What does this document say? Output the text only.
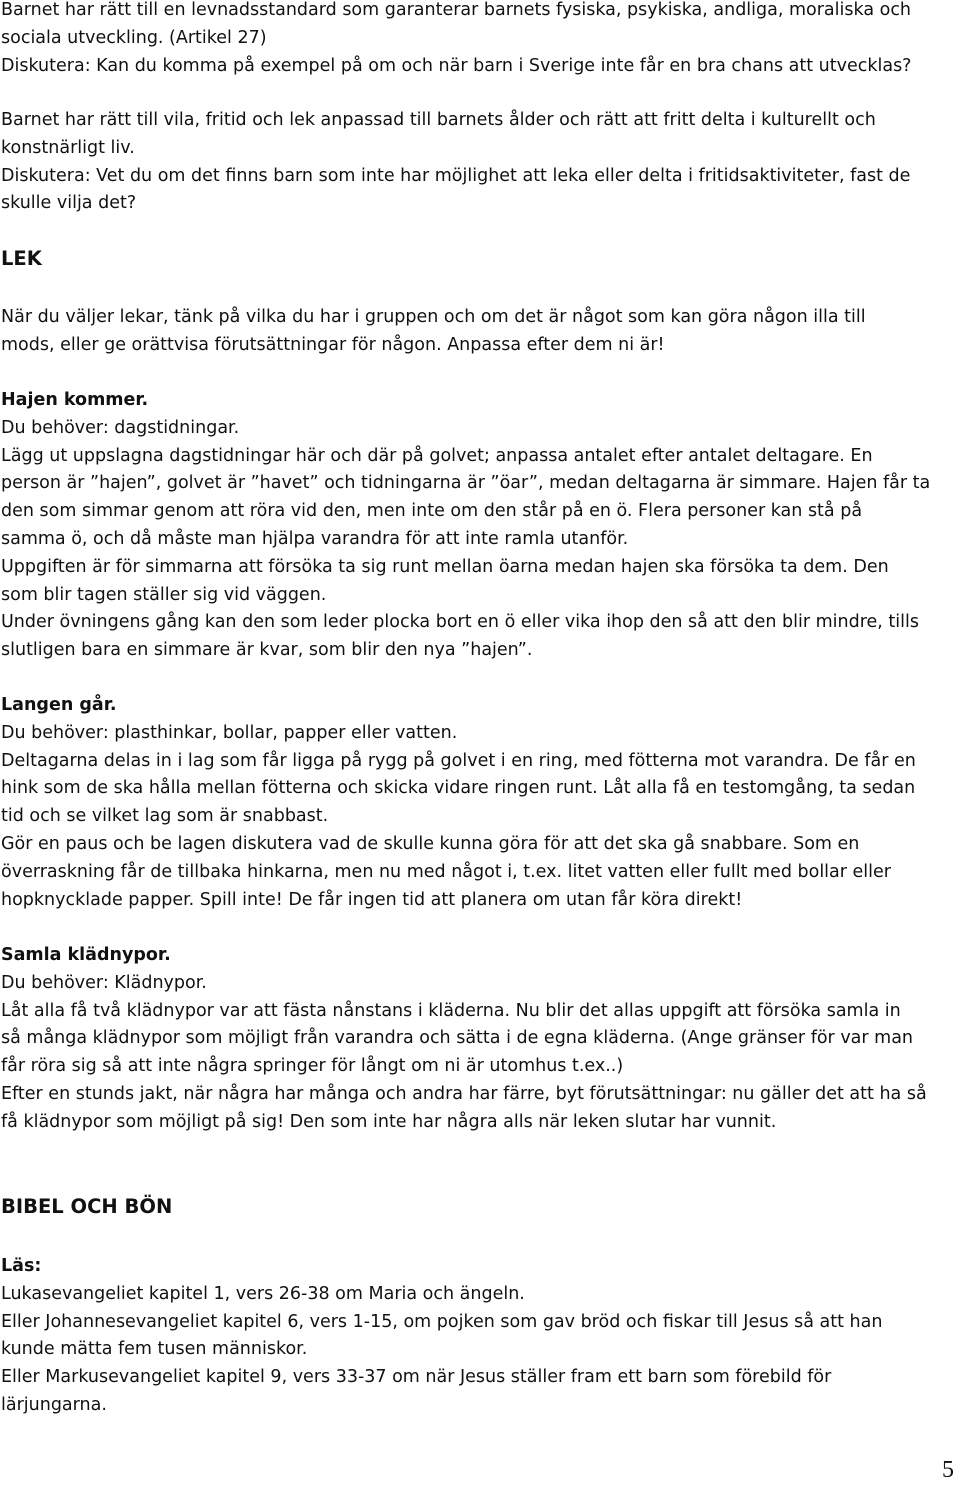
Barnet har rätt till en levnadsstandard som garanterar barnets fysiska, psykiska, andliga, moraliska och
sociala utveckling. (Artikel 27)
Diskutera: Kan du komma på exempel på om och när barn i Sverige inte får en bra chans att utvecklas?
Barnet har rätt till vila, fritid och lek anpassad till barnets ålder och rätt att fritt delta i kulturellt och
konstnärligt liv.
Diskutera: Vet du om det finns barn som inte har möjlighet att leka eller delta i fritidsaktiviteter, fast de
skulle vilja det?
LEK
När du väljer lekar, tänk på vilka du har i gruppen och om det är något som kan göra någon illa till
mods, eller ge orättvisa förutsättningar för någon. Anpassa efter dem ni är!
Hajen kommer.
Du behöver: dagstidningar.
Lägg ut uppslagna dagstidningar här och där på golvet; anpassa antalet efter antalet deltagare. En
person är ”hajen”, golvet är ”havet” och tidningarna är ”öar”, medan deltagarna är simmare. Hajen får ta
den som simmar genom att röra vid den, men inte om den står på en ö. Flera personer kan stå på
samma ö, och då måste man hjälpa varandra för att inte ramla utanför.
Uppgiften är för simmarna att försöka ta sig runt mellan öarna medan hajen ska försöka ta dem. Den
som blir tagen ställer sig vid väggen.
Under övningens gång kan den som leder plocka bort en ö eller vika ihop den så att den blir mindre, tills
slutligen bara en simmare är kvar, som blir den nya ”hajen”.
Langen går.
Du behöver: plasthinkar, bollar, papper eller vatten.
Deltagarna delas in i lag som får ligga på rygg på golvet i en ring, med fötterna mot varandra. De får en
hink som de ska hålla mellan fötterna och skicka vidare ringen runt. Låt alla få en testomgång, ta sedan
tid och se vilket lag som är snabbast.
Gör en paus och be lagen diskutera vad de skulle kunna göra för att det ska gå snabbare. Som en
överraskning får de tillbaka hinkarna, men nu med något i, t.ex. litet vatten eller fullt med bollar eller
hopknycklade papper. Spill inte! De får ingen tid att planera om utan får köra direkt!
Samla klädnypor.
Du behöver: Klädnypor.
Låt alla få två klädnypor var att fästa nånstans i kläderna. Nu blir det allas uppgift att försöka samla in
så många klädnypor som möjligt från varandra och sätta i de egna kläderna. (Ange gränser för var man
får röra sig så att inte några springer för långt om ni är utomhus t.ex..)
Efter en stunds jakt, när några har många och andra har färre, byt förutsättningar: nu gäller det att ha så
få klädnypor som möjligt på sig! Den som inte har några alls när leken slutar har vunnit.
BIBEL OCH BÖN
Läs:
Lukasevangeliet kapitel 1, vers 26-38 om Maria och ängeln.
Eller Johannesevangeliet kapitel 6, vers 1-15, om pojken som gav bröd och fiskar till Jesus så att han
kunde mätta fem tusen människor.
Eller Markusevangeliet kapitel 9, vers 33-37 om när Jesus ställer fram ett barn som förebild för
lärjungarna.
5
